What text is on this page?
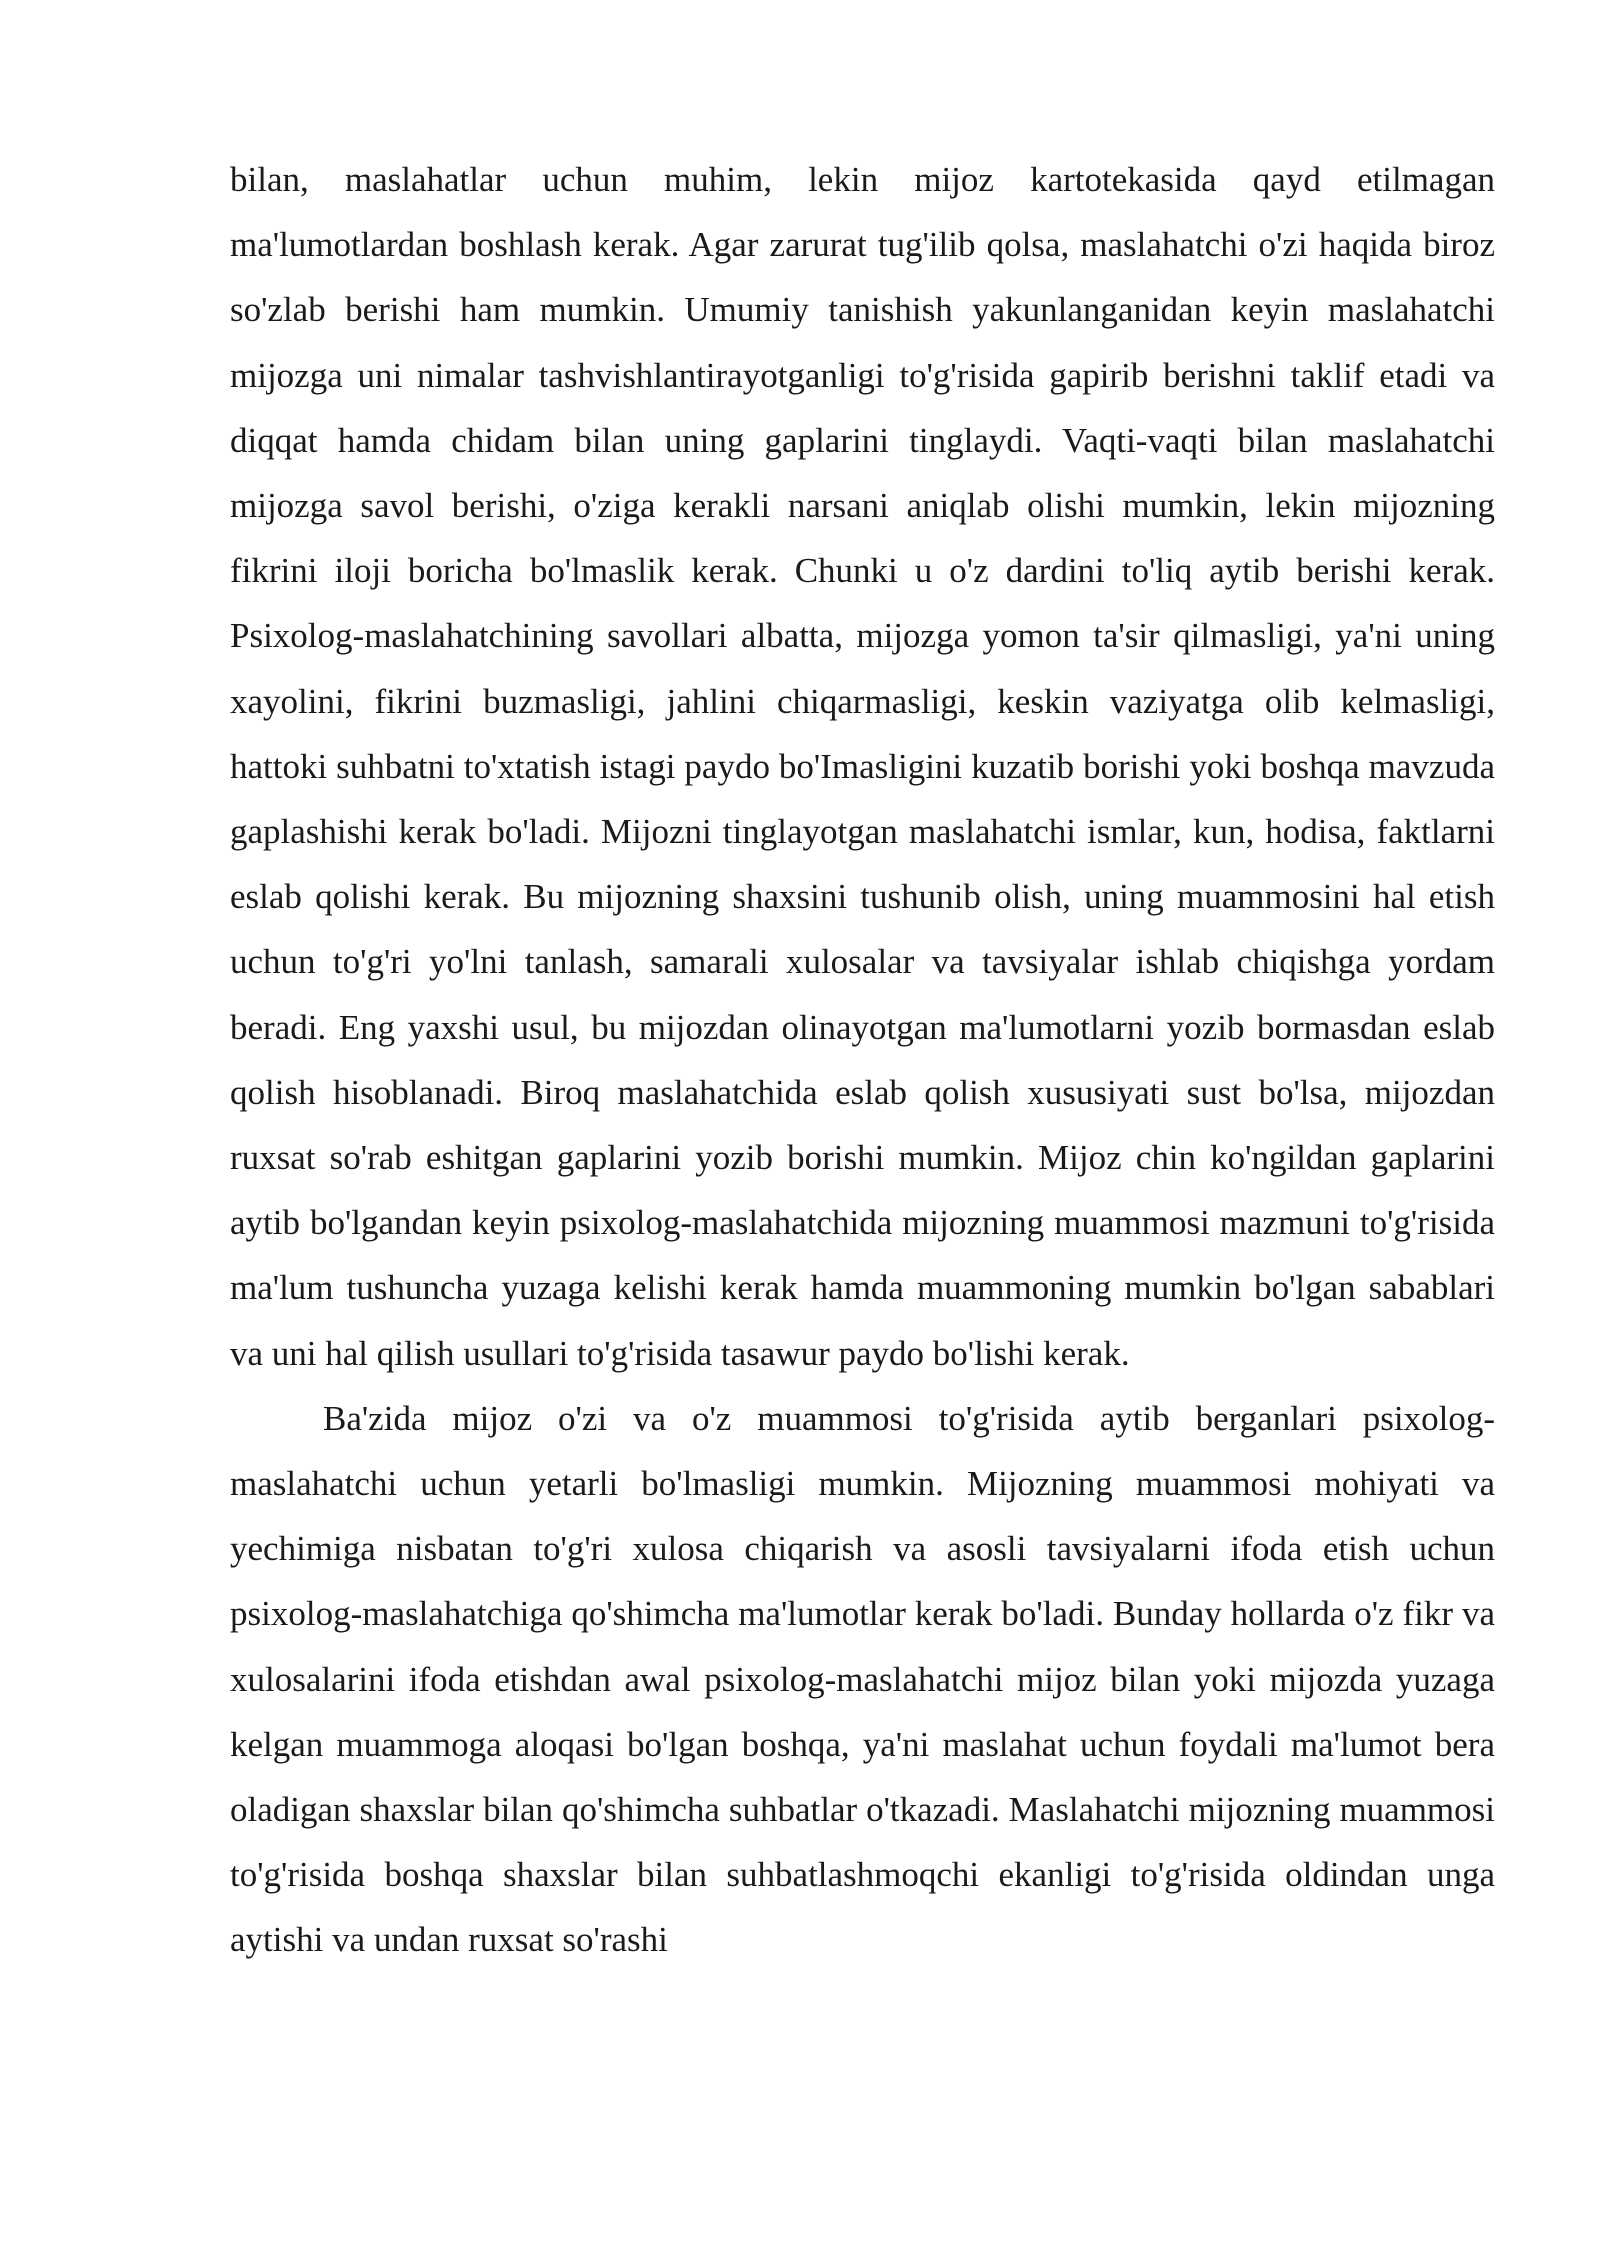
bilan, maslahatlar uchun muhim, lekin mijoz kartotekasida qayd etilmagan ma'lumotlardan boshlash kerak. Agar zarurat tug'ilib qolsa, maslahatchi o'zi haqida biroz so'zlab berishi ham mumkin. Umumiy tanishish yakunlanganidan keyin maslahatchi mijozga uni nimalar tashvishlantirayotganligi to'g'risida gapirib berishni taklif etadi va diqqat hamda chidam bilan uning gaplarini tinglaydi. Vaqti-vaqti bilan maslahatchi mijozga savol berishi, o'ziga kerakli narsani aniqlab olishi mumkin, lekin mijozning fikrini iloji boricha bo'lmaslik kerak. Chunki u o'z dardini to'liq aytib berishi kerak. Psixolog-maslahatchining savollari albatta, mijozga yomon ta'sir qilmasligi, ya'ni uning xayolini, fikrini buzmasligi, jahlini chiqarmasligi, keskin vaziyatga olib kelmasligi, hattoki suhbatni to'xtatish istagi paydo bo'Imasligini kuzatib borishi yoki boshqa mavzuda gaplashishi kerak bo'ladi. Mijozni tinglayotgan maslahatchi ismlar, kun, hodisa, faktlarni eslab qolishi kerak. Bu mijozning shaxsini tushunib olish, uning muammosini hal etish uchun to'g'ri yo'lni tanlash, samarali xulosalar va tavsiyalar ishlab chiqishga yordam beradi. Eng yaxshi usul, bu mijozdan olinayotgan ma'lumotlarni yozib bormasdan eslab qolish hisoblanadi. Biroq maslahatchida eslab qolish xususiyati sust bo'lsa, mijozdan ruxsat so'rab eshitgan gaplarini yozib borishi mumkin. Mijoz chin ko'ngildan gaplarini aytib bo'lgandan keyin psixolog-maslahatchida mijozning muammosi mazmuni to'g'risida ma'lum tushuncha yuzaga kelishi kerak hamda muammoning mumkin bo'lgan sabablari va uni hal qilish usullari to'g'risida tasawur paydo bo'lishi kerak.

Ba'zida mijoz o'zi va o'z muammosi to'g'risida aytib berganlari psixolog-maslahatchi uchun yetarli bo'lmasligi mumkin. Mijozning muammosi mohiyati va yechimiga nisbatan to'g'ri xulosa chiqarish va asosli tavsiyalarni ifoda etish uchun psixolog-maslahatchiga qo'shimcha ma'lumotlar kerak bo'ladi. Bunday hollarda o'z fikr va xulosalarini ifoda etishdan awal psixolog-maslahatchi mijoz bilan yoki mijozda yuzaga kelgan muammoga aloqasi bo'lgan boshqa, ya'ni maslahat uchun foydali ma'lumot bera oladigan shaxslar bilan qo'shimcha suhbatlar o'tkazadi. Maslahatchi mijozning muammosi to'g'risida boshqa shaxslar bilan suhbatlashmoqchi ekanligi to'g'risida oldindan unga aytishi va undan ruxsat so'rashi
